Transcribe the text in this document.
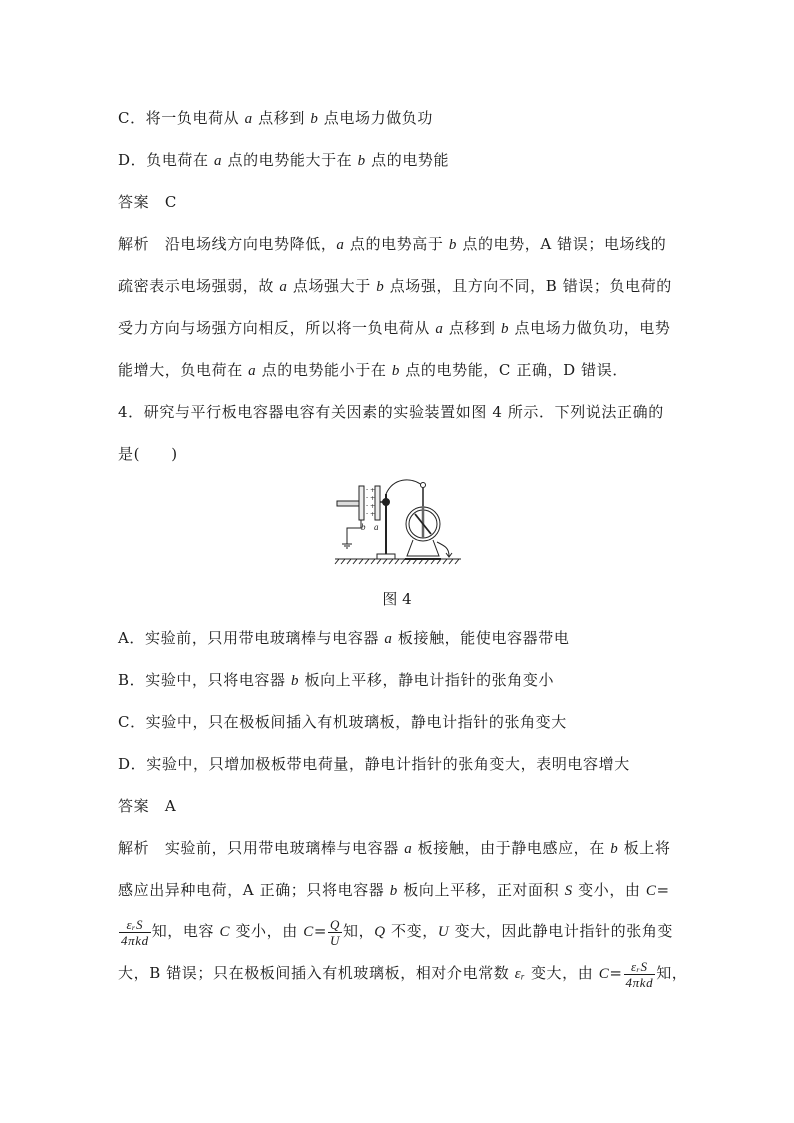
C．将一负电荷从 a 点移到 b 点电场力做负功
D．负电荷在 a 点的电势能大于在 b 点的电势能
答案　 C
解析　 沿电场线方向电势降低，a 点的电势高于 b 点的电势，A 错误；电场线的
疏密表示电场强弱，故 a 点场强大于 b 点场强，且方向不同，B 错误；负电荷的
受力方向与场强方向相反，所以将一负电荷从 a 点移到 b 点电场力做负功，电势
能增大，负电荷在 a 点的电势能小于在 b 点的电势能，C 正确，D 错误．
4．研究与平行板电容器电容有关因素的实验装置如图 4 所示．下列说法正确的
是(　　)
-
-
-
-
+
+
+
+
b a
图 4
A．实验前，只用带电玻璃棒与电容器 a 板接触，能使电容器带电
B．实验中，只将电容器 b 板向上平移，静电计指针的张角变小
C．实验中，只在极板间插入有机玻璃板，静电计指针的张角变大
D．实验中，只增加极板带电荷量，静电计指针的张角变大，表明电容增大
答案　 A
解析　 实验前，只用带电玻璃棒与电容器 a 板接触，由于静电感应，在 b 板上将
感应出异种电荷，A 正确；只将电容器 b 板向上平移，正对面积 S 变小，由 C=
$\frac{\text{εᵣS}}{\text{4πkd}}$ 知，电容 C 变小，由 $C= \frac{Q}{U}$ 知，Q 不变，U 变大，因此静电计指针的张角变
大，B 错误；只在极板间插入有机玻璃板，相对介电常数 εᵣ 变大，由 $C= \frac{\text{εᵣS}}{\text{4πkd}}$ 知，
